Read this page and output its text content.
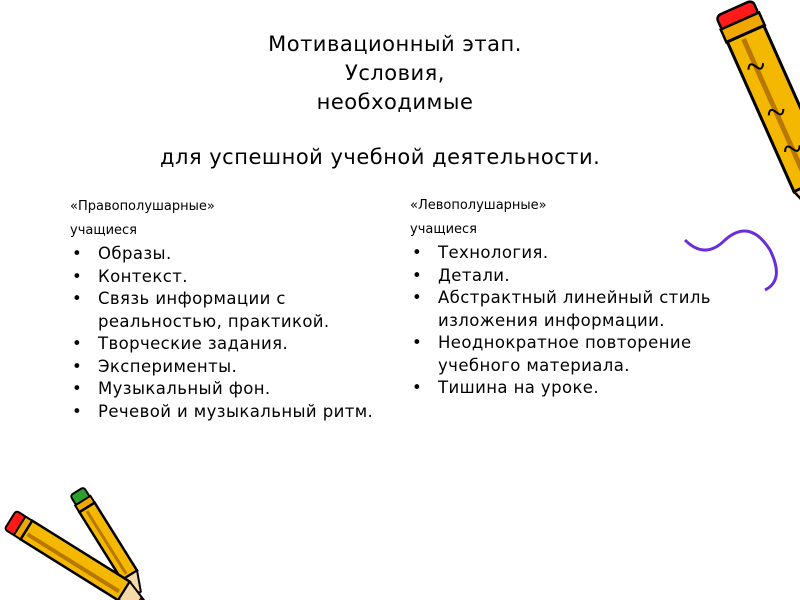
Мотивационный этап.

Условия,

необходимые

для успешной учебной деятельности.

«Правополушарные»

учащиеся

• Образы.
• Контекст.
• Связь информации с реальностью, практикой.
• Творческие задания.
• Эксперименты.
• Музыкальный фон.
• Речевой и музыкальный ритм.

«Левополушарные»

учащиеся

• Технология.
• Детали.
• Абстрактный линейный стиль изложения информации.
• Неоднократное повторение учебного материала.
• Тишина на уроке.
